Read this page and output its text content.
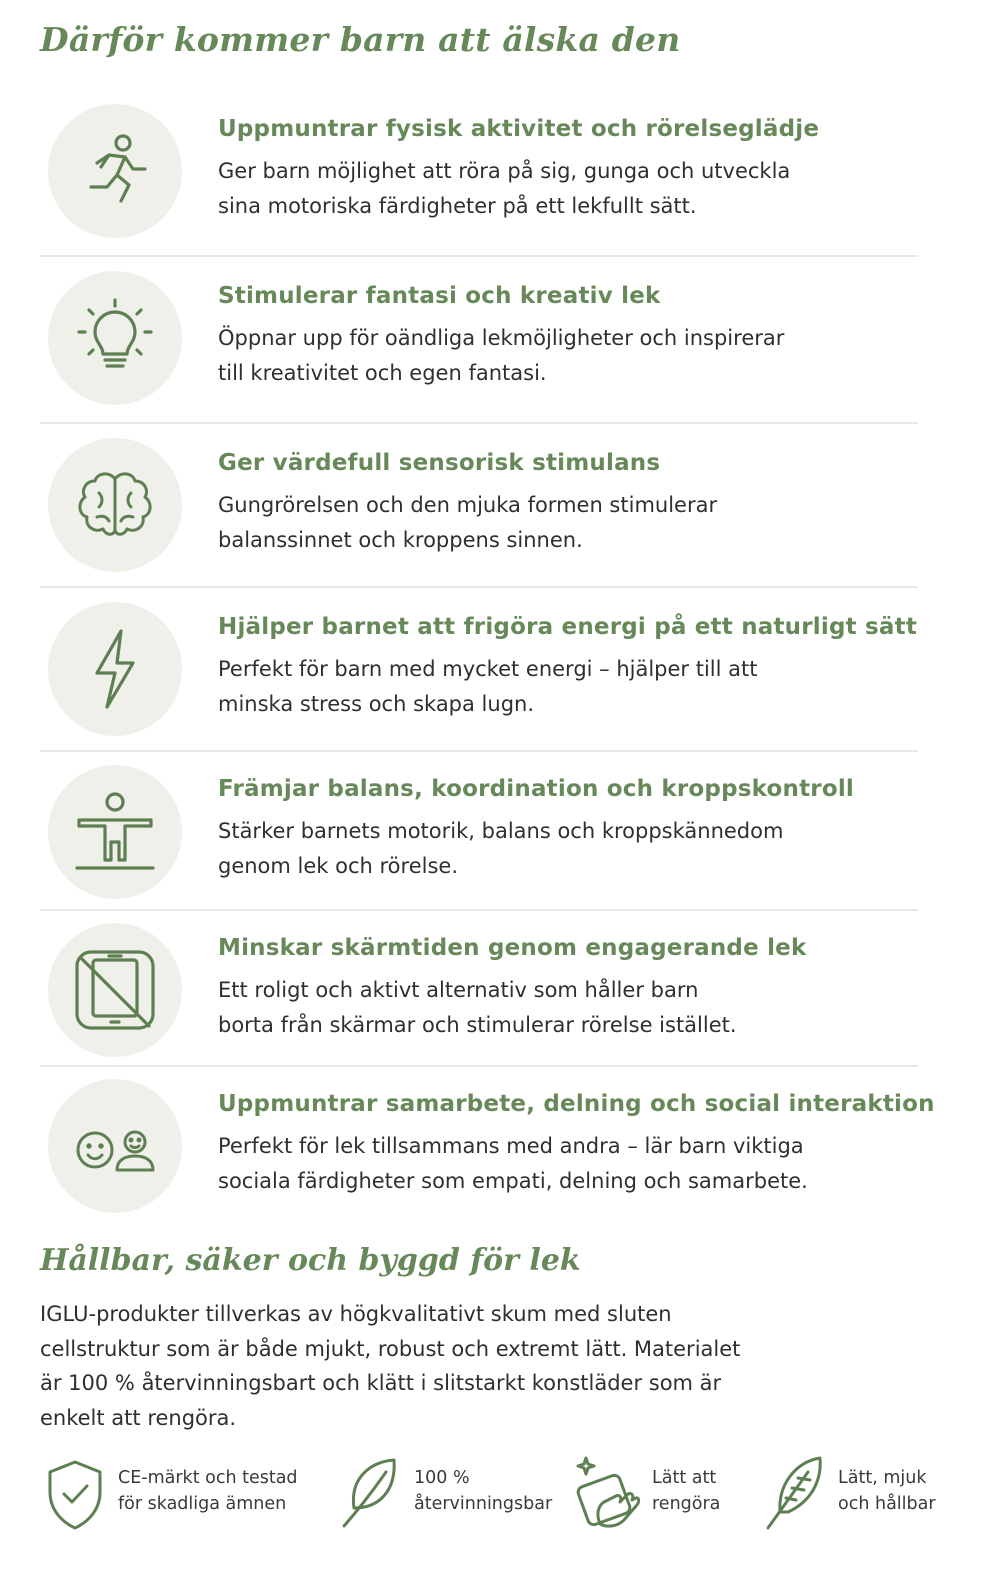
Därför kommer barn att älska den

Uppmuntrar fysisk aktivitet och rörelseglädje

Ger barn möjlighet att röra på sig, gunga och utveckla
sina motoriska färdigheter på ett lekfullt sätt.

Stimulerar fantasi och kreativ lek

Öppnar upp för oändliga lekmöjligheter och inspirerar
till kreativitet och egen fantasi.

Ger värdefull sensorisk stimulans

Gungrörelsen och den mjuka formen stimulerar
balanssinnet och kroppens sinnen.

Hjälper barnet att frigöra energi på ett naturligt sätt

Perfekt för barn med mycket energi – hjälper till att
minska stress och skapa lugn.

Främjar balans, koordination och kroppskontroll

Stärker barnets motorik, balans och kroppskännedom
genom lek och rörelse.

Minskar skärmtiden genom engagerande lek

Ett roligt och aktivt alternativ som håller barn
borta från skärmar och stimulerar rörelse istället.

Uppmuntrar samarbete, delning och social interaktion

Perfekt för lek tillsammans med andra – lär barn viktiga
sociala färdigheter som empati, delning och samarbete.

Hållbar, säker och byggd för lek

IGLU-produkter tillverkas av högkvalitativt skum med sluten cellstruktur som är både mjukt, robust och extremt lätt. Materialet är 100 % återvinningsbart och klätt i slitstarkt konstläder som är enkelt att rengöra.

CE-märkt och testad
för skadliga ämnen
100 %
återvinningsbar
Lätt att
rengöra
Lätt, mjuk
och hållbar
